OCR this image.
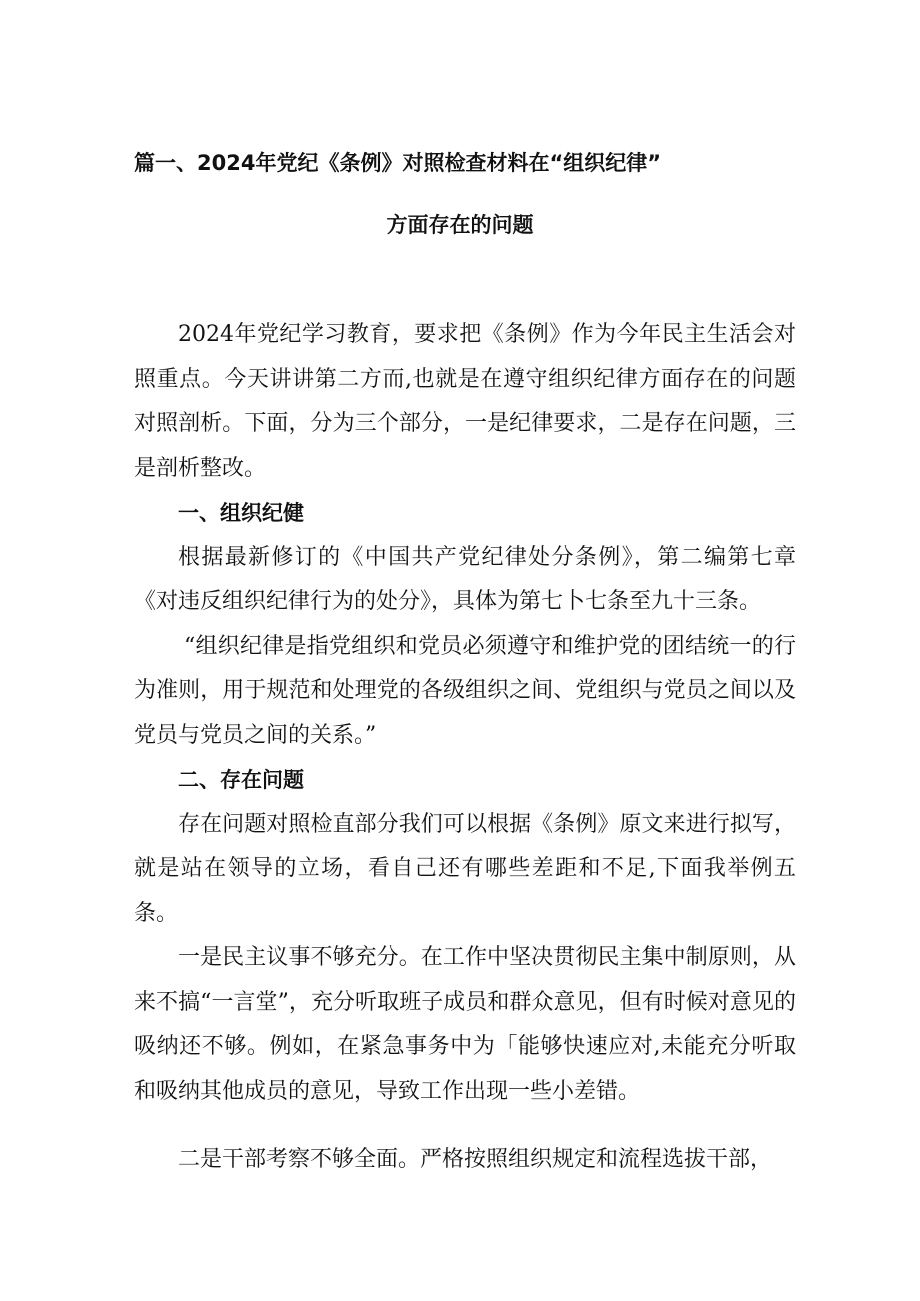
篇一、2024年党纪《条例》对照检查材料在“组织纪律”
方面存在的问题

2024年党纪学习教育，要求把《条例》作为今年民主生活会对照重点。今天讲讲第二方而,也就是在遵守组织纪律方面存在的问题对照剖析。下面，分为三个部分，一是纪律要求，二是存在问题，三是剖析整改。

一、组织纪健

根据最新修订的《中国共产党纪律处分条例》，第二编第七章《对违反组织纪律行为的处分》，具体为第七卜七条至九十三条。

“组织纪律是指党组织和党员必须遵守和维护党的团结统一的行为准则，用于规范和处理党的各级组织之间、党组织与党员之间以及党员与党员之间的关系。”

二、存在问题

存在问题对照检直部分我们可以根据《条例》原文来进行拟写，就是站在领导的立场，看自己还有哪些差距和不足,下面我举例五条。

一是民主议事不够充分。在工作中坚决贯彻民主集中制原则，从来不搞“一言堂”，充分听取班子成员和群众意见，但有时候对意见的吸纳还不够。例如，在紧急事务中为「能够快速应对,未能充分听取和吸纳其他成员的意见，导致工作出现一些小差错。

二是干部考察不够全面。严格按照组织规定和流程选拔干部，
